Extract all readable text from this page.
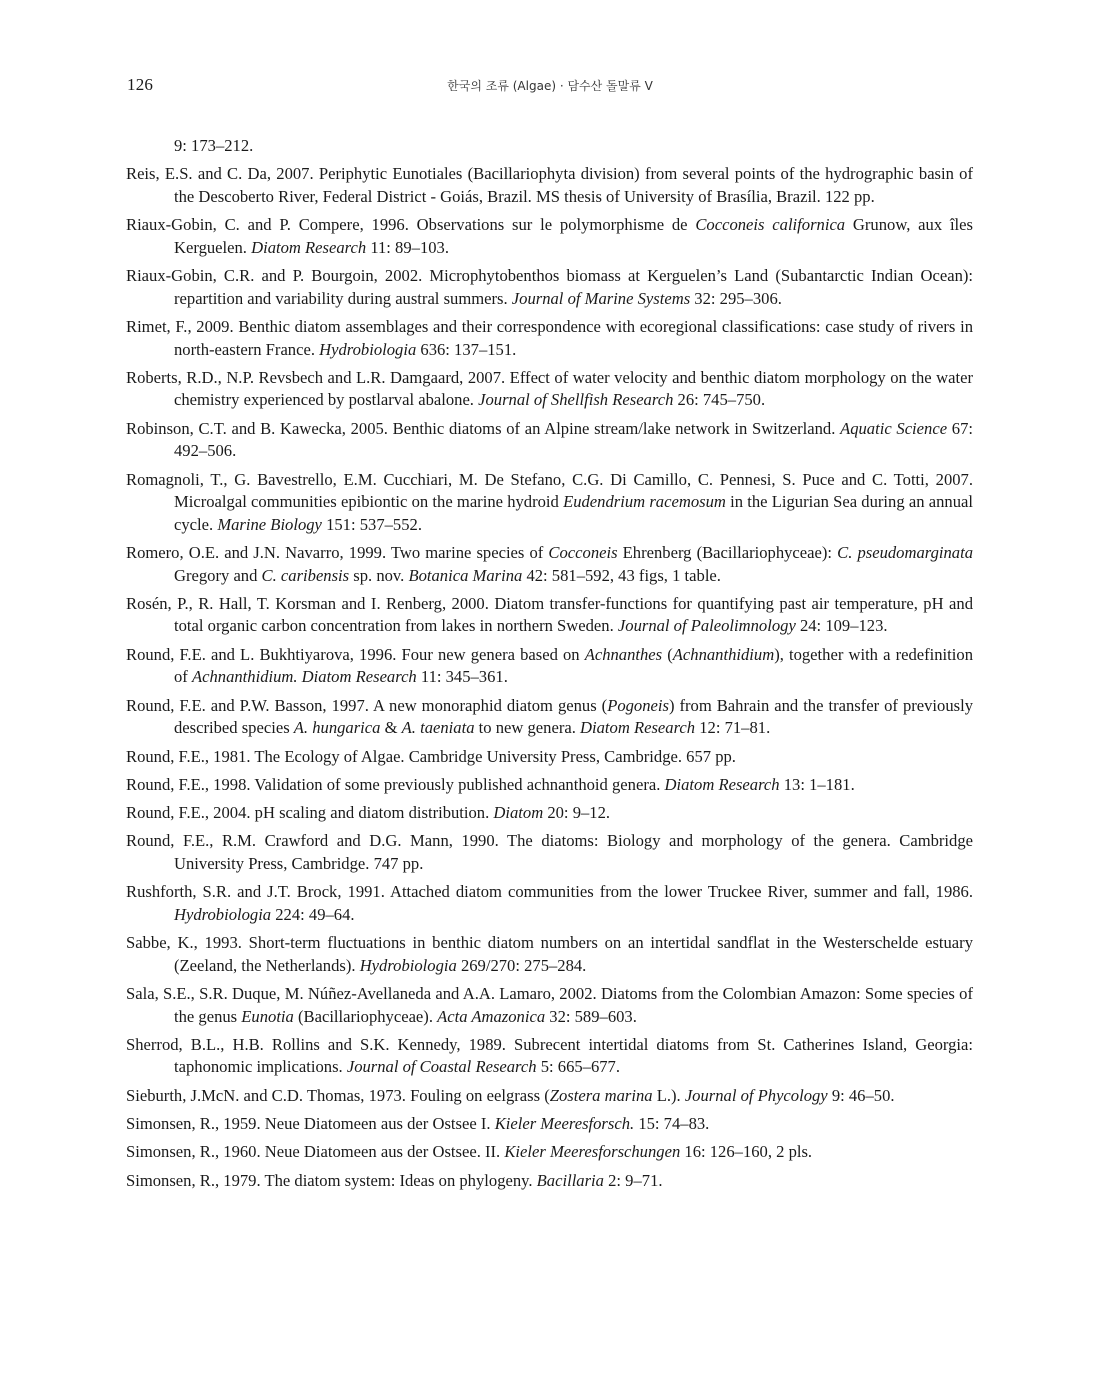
126	한국의 조류 (Algae) · 담수산 돌말류 V

9: 173–212.

Reis, E.S. and C. Da, 2007. Periphytic Eunotiales (Bacillariophyta division) from several points of the hydrographic basin of the Descoberto River, Federal District - Goiás, Brazil. MS thesis of University of Brasília, Brazil. 122 pp.

Riaux-Gobin, C. and P. Compere, 1996. Observations sur le polymorphisme de Cocconeis californica Grunow, aux îles Kerguelen. Diatom Research 11: 89–103.

Riaux-Gobin, C.R. and P. Bourgoin, 2002. Microphytobenthos biomass at Kerguelen’s Land (Subantarctic Indian Ocean): repartition and variability during austral summers. Journal of Marine Systems 32: 295–306.

Rimet, F., 2009. Benthic diatom assemblages and their correspondence with ecoregional classifications: case study of rivers in north-eastern France. Hydrobiologia 636: 137–151.

Roberts, R.D., N.P. Revsbech and L.R. Damgaard, 2007. Effect of water velocity and benthic diatom morphology on the water chemistry experienced by postlarval abalone. Journal of Shellfish Research 26: 745–750.

Robinson, C.T. and B. Kawecka, 2005. Benthic diatoms of an Alpine stream/lake network in Switzerland. Aquatic Science 67: 492–506.

Romagnoli, T., G. Bavestrello, E.M. Cucchiari, M. De Stefano, C.G. Di Camillo, C. Pennesi, S. Puce and C. Totti, 2007. Microalgal communities epibiontic on the marine hydroid Eudendrium racemosum in the Ligurian Sea during an annual cycle. Marine Biology 151: 537–552.

Romero, O.E. and J.N. Navarro, 1999. Two marine species of Cocconeis Ehrenberg (Bacillariophyceae): C. pseudomarginata Gregory and C. caribensis sp. nov. Botanica Marina 42: 581–592, 43 figs, 1 table.

Rosén, P., R. Hall, T. Korsman and I. Renberg, 2000. Diatom transfer-functions for quantifying past air temperature, pH and total organic carbon concentration from lakes in northern Sweden. Journal of Paleolimnology 24: 109–123.

Round, F.E. and L. Bukhtiyarova, 1996. Four new genera based on Achnanthes (Achnanthidium), together with a redefinition of Achnanthidium. Diatom Research 11: 345–361.

Round, F.E. and P.W. Basson, 1997. A new monoraphid diatom genus (Pogoneis) from Bahrain and the transfer of previously described species A. hungarica & A. taeniata to new genera. Diatom Research 12: 71–81.

Round, F.E., 1981. The Ecology of Algae. Cambridge University Press, Cambridge. 657 pp.

Round, F.E., 1998. Validation of some previously published achnanthoid genera. Diatom Research 13: 1–181.

Round, F.E., 2004. pH scaling and diatom distribution. Diatom 20: 9–12.

Round, F.E., R.M. Crawford and D.G. Mann, 1990. The diatoms: Biology and morphology of the genera. Cambridge University Press, Cambridge. 747 pp.

Rushforth, S.R. and J.T. Brock, 1991. Attached diatom communities from the lower Truckee River, summer and fall, 1986. Hydrobiologia 224: 49–64.

Sabbe, K., 1993. Short-term fluctuations in benthic diatom numbers on an intertidal sandflat in the Westerschelde estuary (Zeeland, the Netherlands). Hydrobiologia 269/270: 275–284.

Sala, S.E., S.R. Duque, M. Núñez-Avellaneda and A.A. Lamaro, 2002. Diatoms from the Colombian Amazon: Some species of the genus Eunotia (Bacillariophyceae). Acta Amazonica 32: 589–603.

Sherrod, B.L., H.B. Rollins and S.K. Kennedy, 1989. Subrecent intertidal diatoms from St. Catherines Island, Georgia: taphonomic implications. Journal of Coastal Research 5: 665–677.

Sieburth, J.McN. and C.D. Thomas, 1973. Fouling on eelgrass (Zostera marina L.). Journal of Phycology 9: 46–50.

Simonsen, R., 1959. Neue Diatomeen aus der Ostsee I. Kieler Meeresforsch. 15: 74–83.

Simonsen, R., 1960. Neue Diatomeen aus der Ostsee. II. Kieler Meeresforschungen 16: 126–160, 2 pls.

Simonsen, R., 1979. The diatom system: Ideas on phylogeny. Bacillaria 2: 9–71.
